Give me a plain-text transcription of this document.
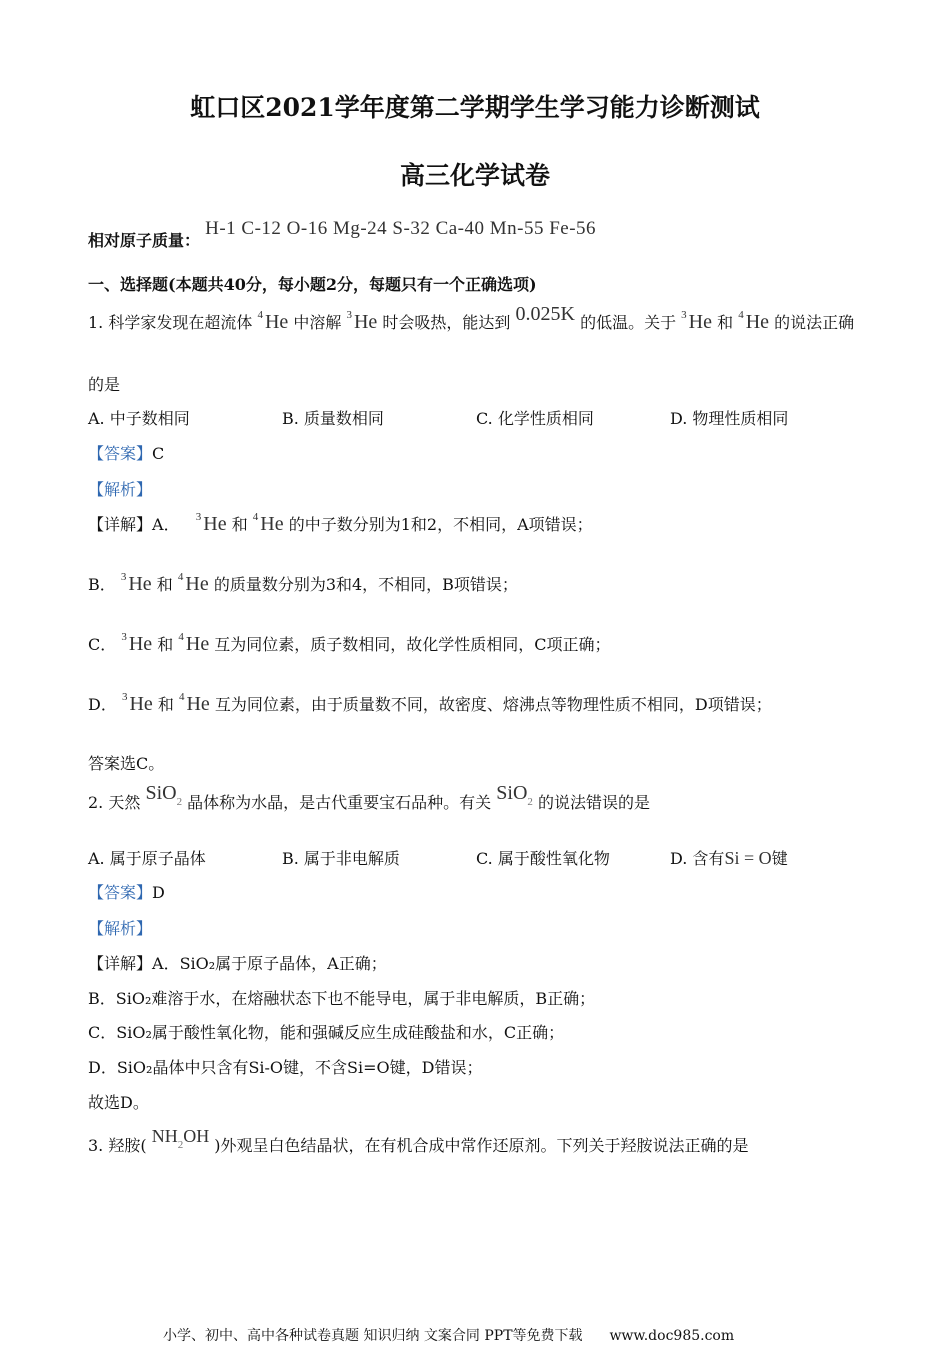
虹口区2021学年度第二学期学生学习能力诊断测试
高三化学试卷
相对原子质量： H-1 C-12 O-16 Mg-24 S-32 Ca-40 Mn-55 Fe-56
一、选择题(本题共40分，每小题2分，每题只有一个正确选项)
1. 科学家发现在超流体 $^4$ He 中溶解 $^3$ He 时会吸热，能达到 0.025K 的低温。关于 $^3$ He 和 $^4$ He 的说法正确
的是
A. 中子数相同	B. 质量数相同	C. 化学性质相同	D. 物理性质相同
【答案】C
【解析】
【详解】A． $^3$ He 和 $^4$ He 的中子数分别为1和2，不相同，A项错误；
B． $^3$ He 和 $^4$ He 的质量数分别为3和4，不相同，B项错误；
C． $^3$ He 和 $^4$ He 互为同位素，质子数相同，故化学性质相同，C项正确；
D． $^3$ He 和 $^4$ He 互为同位素，由于质量数不同，故密度、熔沸点等物理性质不相同，D项错误；
答案选C。
2. 天然 SiO$_2$ 晶体称为水晶，是古代重要宝石品种。有关 SiO$_2$ 的说法错误的是
A. 属于原子晶体	B. 属于非电解质	C. 属于酸性氧化物	D. 含有Si = O键
【答案】D
【解析】
【详解】A．SiO₂属于原子晶体，A正确；
B．SiO₂难溶于水，在熔融状态下也不能导电，属于非电解质，B正确；
C．SiO₂属于酸性氧化物，能和强碱反应生成硅酸盐和水，C正确；
D．SiO₂晶体中只含有Si-O键，不含Si=O键，D错误；
故选D。
3. 羟胺( $NH_2OH$ )外观呈白色结晶状，在有机合成中常作还原剂。下列关于羟胺说法正确的是
小学、初中、高中各种试卷真题 知识归纳 文案合同 PPT等免费下载 www.doc985.com
